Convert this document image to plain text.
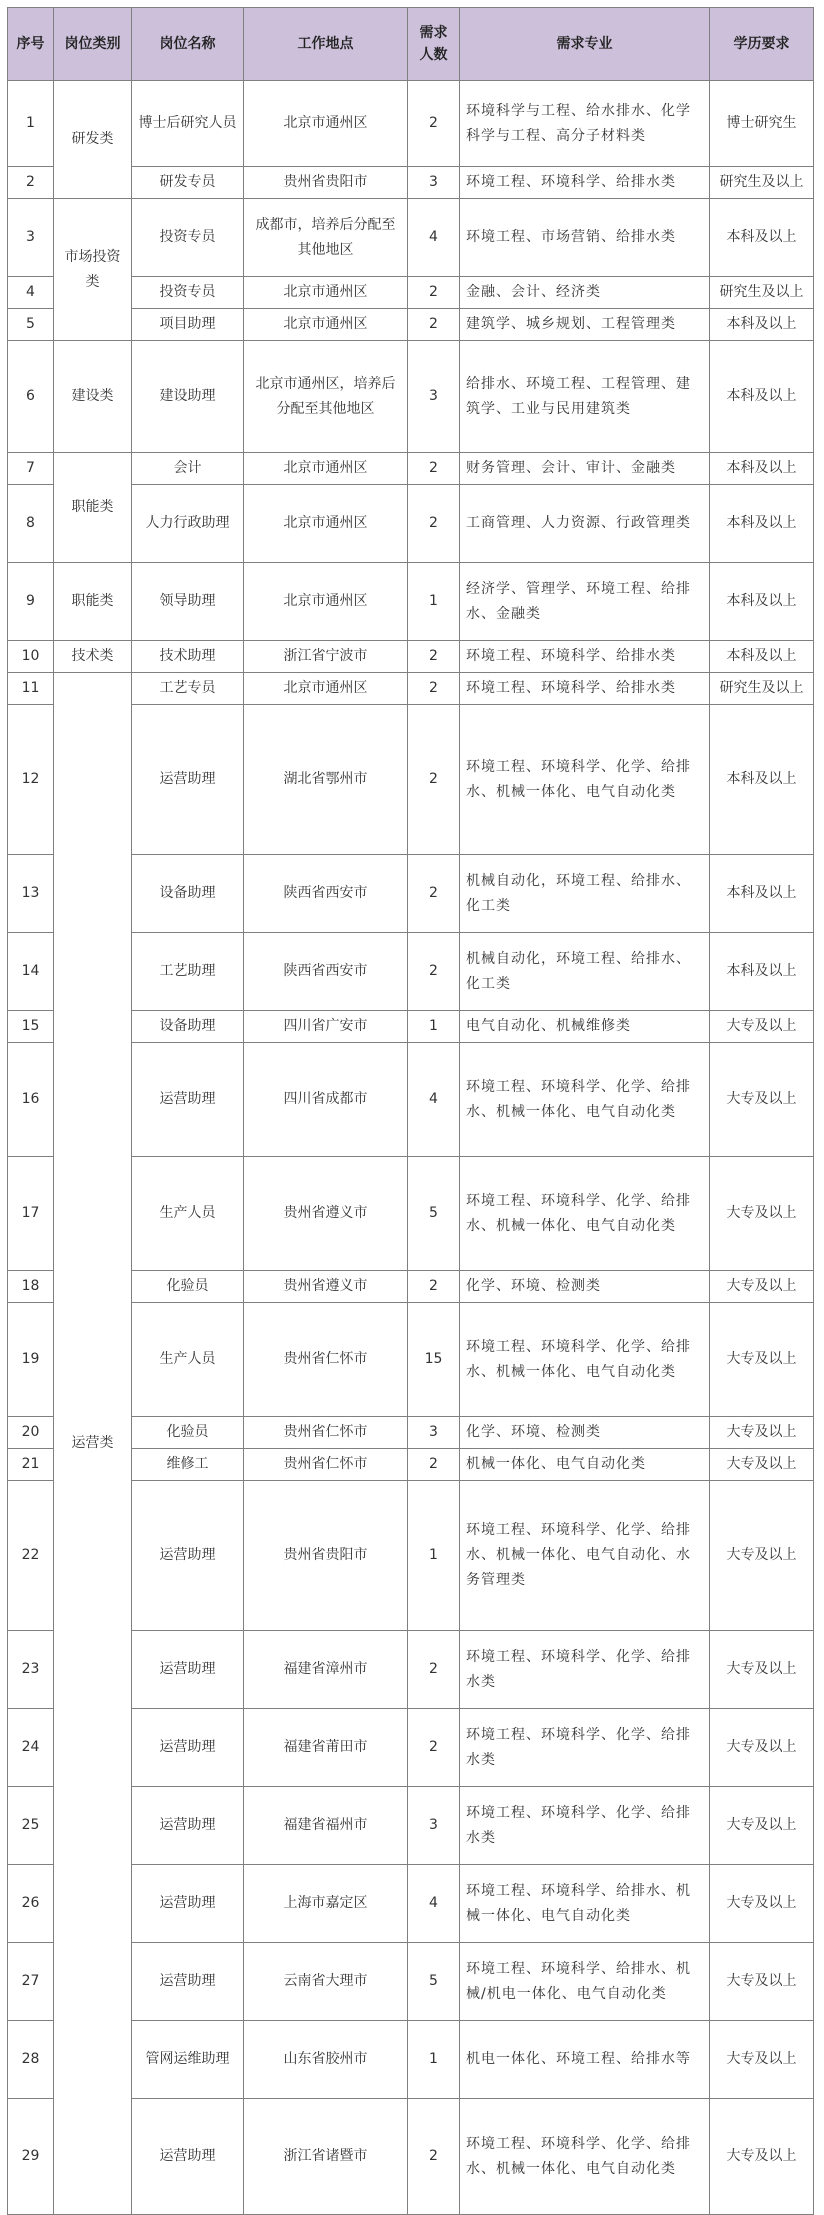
序号	岗位类别	岗位名称	工作地点	需求人数	需求专业	学历要求
1	研发类	博士后研究人员	北京市通州区	2	环境科学与工程、给水排水、化学科学与工程、高分子材料类	博士研究生
2		研发专员	贵州省贵阳市	3	环境工程、环境科学、给排水类	研究生及以上
3	市场投资类	投资专员	成都市，培养后分配至其他地区	4	环境工程、市场营销、给排水类	本科及以上
4		投资专员	北京市通州区	2	金融、会计、经济类	研究生及以上
5		项目助理	北京市通州区	2	建筑学、城乡规划、工程管理类	本科及以上
6	建设类	建设助理	北京市通州区，培养后分配至其他地区	3	给排水、环境工程、工程管理、建筑学、工业与民用建筑类	本科及以上
7	职能类	会计	北京市通州区	2	财务管理、会计、审计、金融类	本科及以上
8		人力行政助理	北京市通州区	2	工商管理、人力资源、行政管理类	本科及以上
9	职能类	领导助理	北京市通州区	1	经济学、管理学、环境工程、给排水、金融类	本科及以上
10	技术类	技术助理	浙江省宁波市	2	环境工程、环境科学、给排水类	本科及以上
11	运营类	工艺专员	北京市通州区	2	环境工程、环境科学、给排水类	研究生及以上
12		运营助理	湖北省鄂州市	2	环境工程、环境科学、化学、给排水、机械一体化、电气自动化类	本科及以上
13		设备助理	陕西省西安市	2	机械自动化，环境工程、给排水、化工类	本科及以上
14		工艺助理	陕西省西安市	2	机械自动化，环境工程、给排水、化工类	本科及以上
15		设备助理	四川省广安市	1	电气自动化、机械维修类	大专及以上
16		运营助理	四川省成都市	4	环境工程、环境科学、化学、给排水、机械一体化、电气自动化类	大专及以上
17		生产人员	贵州省遵义市	5	环境工程、环境科学、化学、给排水、机械一体化、电气自动化类	大专及以上
18		化验员	贵州省遵义市	2	化学、环境、检测类	大专及以上
19		生产人员	贵州省仁怀市	15	环境工程、环境科学、化学、给排水、机械一体化、电气自动化类	大专及以上
20		化验员	贵州省仁怀市	3	化学、环境、检测类	大专及以上
21		维修工	贵州省仁怀市	2	机械一体化、电气自动化类	大专及以上
22		运营助理	贵州省贵阳市	1	环境工程、环境科学、化学、给排水、机械一体化、电气自动化、水务管理类	大专及以上
23		运营助理	福建省漳州市	2	环境工程、环境科学、化学、给排水类	大专及以上
24		运营助理	福建省莆田市	2	环境工程、环境科学、化学、给排水类	大专及以上
25		运营助理	福建省福州市	3	环境工程、环境科学、化学、给排水类	大专及以上
26		运营助理	上海市嘉定区	4	环境工程、环境科学、给排水、机械一体化、电气自动化类	大专及以上
27		运营助理	云南省大理市	5	环境工程、环境科学、给排水、机械/机电一体化、电气自动化类	大专及以上
28		管网运维助理	山东省胶州市	1	机电一体化、环境工程、给排水等	大专及以上
29		运营助理	浙江省诸暨市	2	环境工程、环境科学、化学、给排水、机械一体化、电气自动化类	大专及以上
